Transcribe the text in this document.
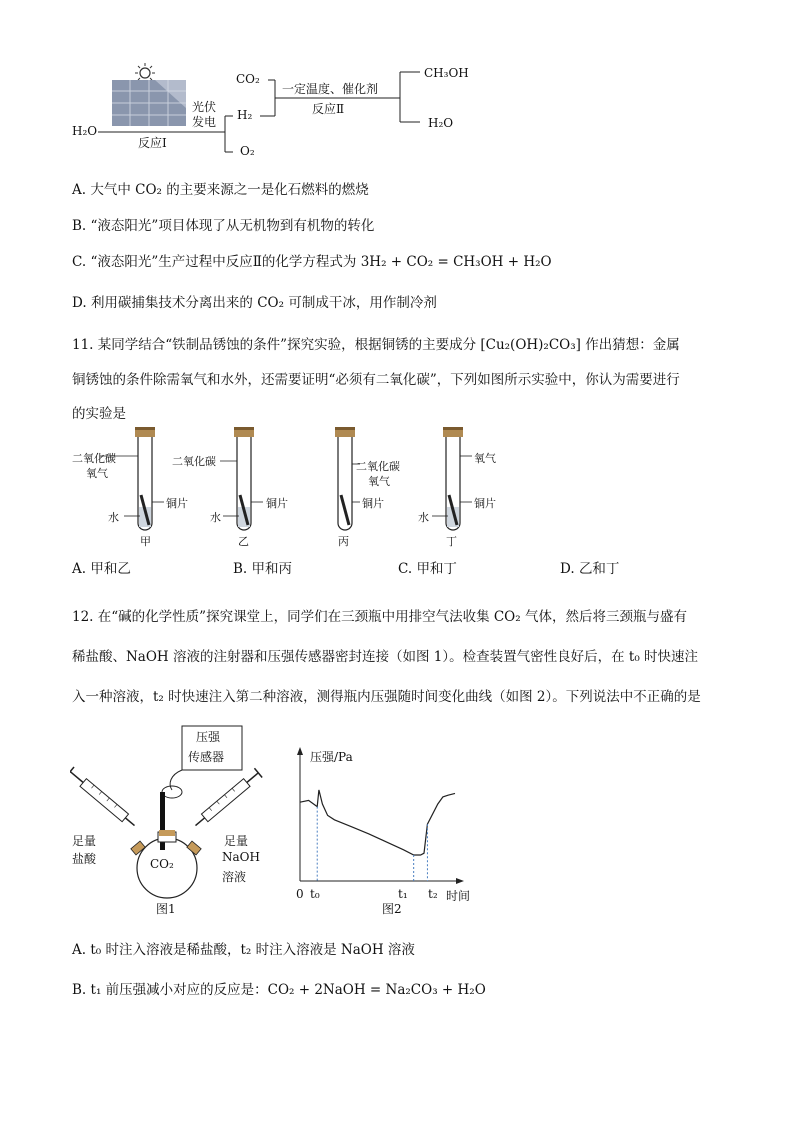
H₂O
光伏
发电
反应Ⅰ
CO₂
H₂
O₂
一定温度、催化剂
反应Ⅱ
CH₃OH
H₂O
A. 大气中 CO₂ 的主要来源之一是化石燃料的燃烧
B. “液态阳光”项目体现了从无机物到有机物的转化
C. “液态阳光”生产过程中反应Ⅱ的化学方程式为 3H₂ + CO₂ = CH₃OH + H₂O
D. 利用碳捕集技术分离出来的 CO₂ 可制成干冰，用作制冷剂
11. 某同学结合“铁制品锈蚀的条件”探究实验，根据铜锈的主要成分 [Cu₂(OH)₂CO₃] 作出猜想：金属
铜锈蚀的条件除需氧气和水外，还需要证明“必须有二氧化碳”，下列如图所示实验中，你认为需要进行
的实验是
二氧化碳
氧气
铜片
水
甲
二氧化碳
铜片
水
乙
二氧化碳
氧气
铜片
丙
氧气
铜片
水
丁
A. 甲和乙	B. 甲和丙	C. 甲和丁	D. 乙和丁
12. 在“碱的化学性质”探究课堂上，同学们在三颈瓶中用排空气法收集 CO₂ 气体，然后将三颈瓶与盛有
稀盐酸、NaOH 溶液的注射器和压强传感器密封连接（如图 1）。检查装置气密性良好后，在 t₀ 时快速注
入一种溶液，t₂ 时快速注入第二种溶液，测得瓶内压强随时间变化曲线（如图 2）。下列说法中不正确的是
压强
传感器
足量
盐酸
足量
NaOH
溶液
CO₂
图1
压强/Pa
0 t₀	t₁ t₂ 时间
图2
A. t₀ 时注入溶液是稀盐酸，t₂ 时注入溶液是 NaOH 溶液
B. t₁ 前压强减小对应的反应是：CO₂ + 2NaOH = Na₂CO₃ + H₂O
